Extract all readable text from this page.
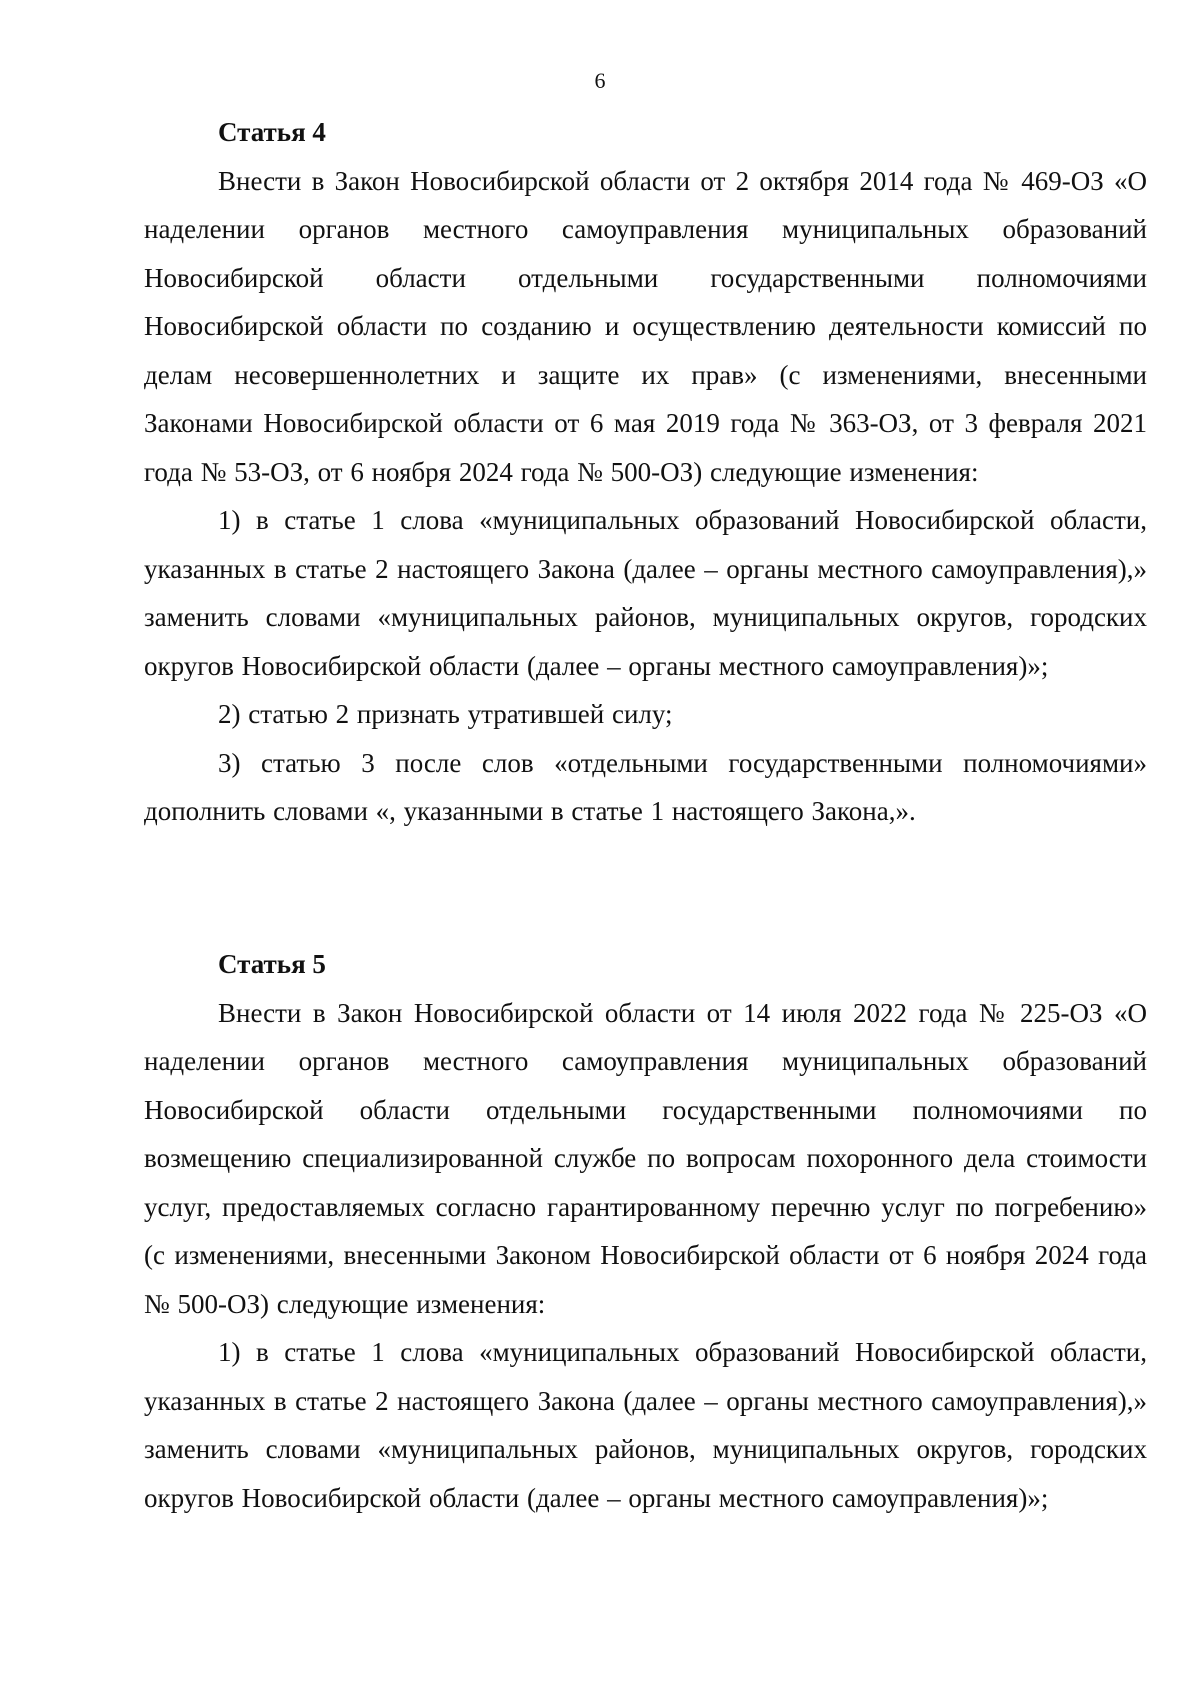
6
Статья 4

Внести в Закон Новосибирской области от 2 октября 2014 года № 469-ОЗ «О наделении органов местного самоуправления муниципальных образований Новосибирской области отдельными государственными полномочиями Новосибирской области по созданию и осуществлению деятельности комиссий по делам несовершеннолетних и защите их прав» (с изменениями, внесенными Законами Новосибирской области от 6 мая 2019 года № 363-ОЗ, от 3 февраля 2021 года № 53-ОЗ, от 6 ноября 2024 года № 500-ОЗ) следующие изменения:

1) в статье 1 слова «муниципальных образований Новосибирской области, указанных в статье 2 настоящего Закона (далее – органы местного самоуправления),» заменить словами «муниципальных районов, муниципальных округов, городских округов Новосибирской области (далее – органы местного самоуправления)»;

2) статью 2 признать утратившей силу;

3) статью 3 после слов «отдельными государственными полномочиями» дополнить словами «, указанными в статье 1 настоящего Закона,».

Статья 5

Внести в Закон Новосибирской области от 14 июля 2022 года № 225-ОЗ «О наделении органов местного самоуправления муниципальных образований Новосибирской области отдельными государственными полномочиями по возмещению специализированной службе по вопросам похоронного дела стоимости услуг, предоставляемых согласно гарантированному перечню услуг по погребению» (с изменениями, внесенными Законом Новосибирской области от 6 ноября 2024 года № 500-ОЗ) следующие изменения:

1) в статье 1 слова «муниципальных образований Новосибирской области, указанных в статье 2 настоящего Закона (далее – органы местного самоуправления),» заменить словами «муниципальных районов, муниципальных округов, городских округов Новосибирской области (далее – органы местного самоуправления)»;
